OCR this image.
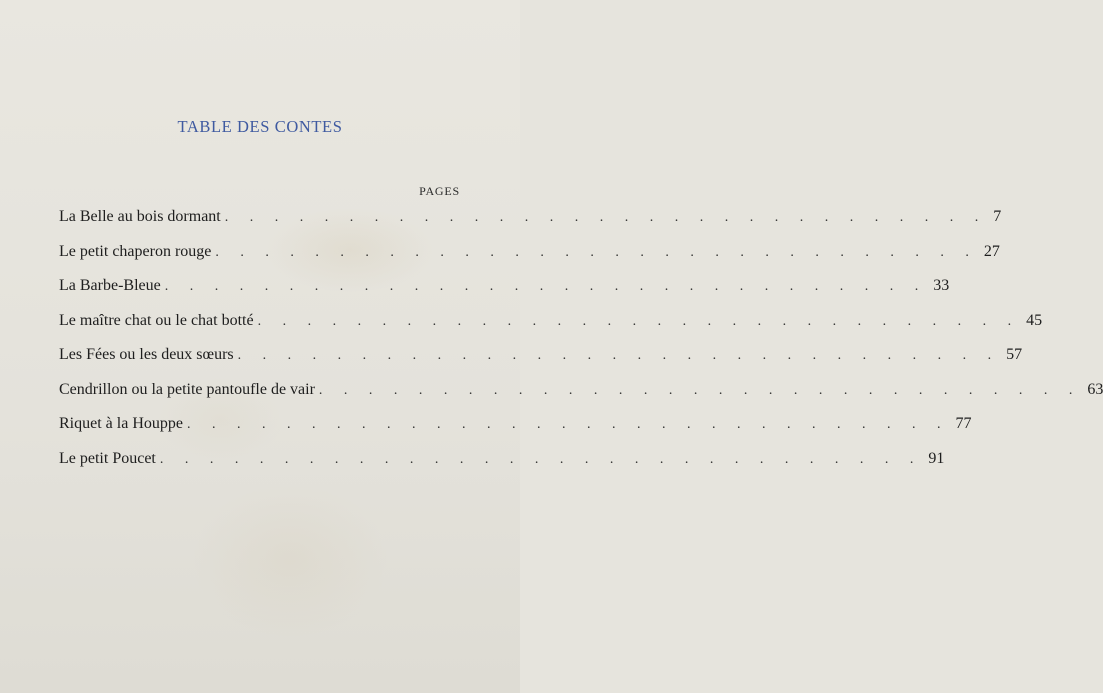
TABLE DES CONTES
PAGES
La Belle au bois dormant . . . . . . . . . . . . . . . . . . . . . . . . . . . . . . . 7
Le petit chaperon rouge . . . . . . . . . . . . . . . . . . . . . . . . . . . . . . . 27
La Barbe-Bleue . . . . . . . . . . . . . . . . . . . . . . . . . . . . . . . 33
Le maître chat ou le chat botté . . . . . . . . . . . . . . . . . . . . . . . . . . . . . . . 45
Les Fées ou les deux sœurs . . . . . . . . . . . . . . . . . . . . . . . . . . . . . . . 57
Cendrillon ou la petite pantoufle de vair . . . . . . . . . . . . . . . . . . . . . . . . . . . . . . . 63
Riquet à la Houppe . . . . . . . . . . . . . . . . . . . . . . . . . . . . . . . 77
Le petit Poucet . . . . . . . . . . . . . . . . . . . . . . . . . . . . . . . 91
